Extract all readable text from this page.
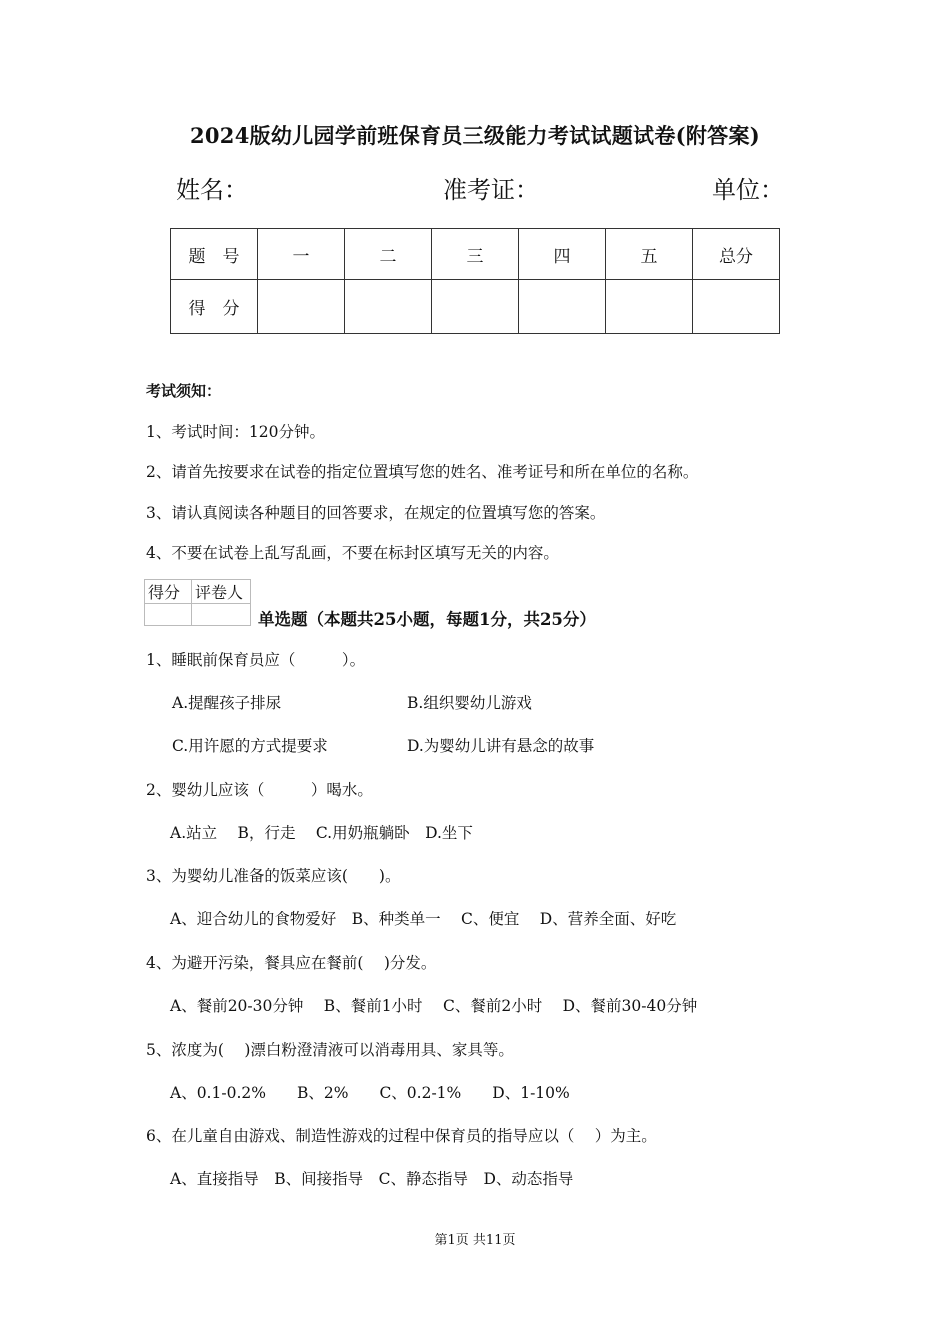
2024版幼儿园学前班保育员三级能力考试试题试卷(附答案)
姓名：	准考证：	单位：
题　号	一	二	三	四	五	总分
得　分						
考试须知：
1、考试时间：120分钟。
2、请首先按要求在试卷的指定位置填写您的姓名、准考证号和所在单位的名称。
3、请认真阅读各种题目的回答要求，在规定的位置填写您的答案。
4、不要在试卷上乱写乱画，不要在标封区填写无关的内容。
得分	评卷人

单选题（本题共25小题，每题1分，共25分）
1、睡眠前保育员应（　　　）。
A.提醒孩子排尿	B.组织婴幼儿游戏
C.用许愿的方式提要求	D.为婴幼儿讲有悬念的故事
2、婴幼儿应该（　　　）喝水。
A.站立　 B，行走　 C.用奶瓶躺卧　D.坐下
3、为婴幼儿准备的饭菜应该(　　)。
A、迎合幼儿的食物爱好　B、种类单一　 C、便宜　 D、营养全面、好吃
4、为避开污染，餐具应在餐前(　 )分发。
A、餐前20-30分钟　 B、餐前1小时　 C、餐前2小时　 D、餐前30-40分钟
5、浓度为(　 )漂白粉澄清液可以消毒用具、家具等。
A、0.1-0.2%　　B、2%　　C、0.2-1%　　D、1-10%
6、在儿童自由游戏、制造性游戏的过程中保育员的指导应以（　 ）为主。
A、直接指导　B、间接指导　C、静态指导　D、动态指导
第1页 共11页
